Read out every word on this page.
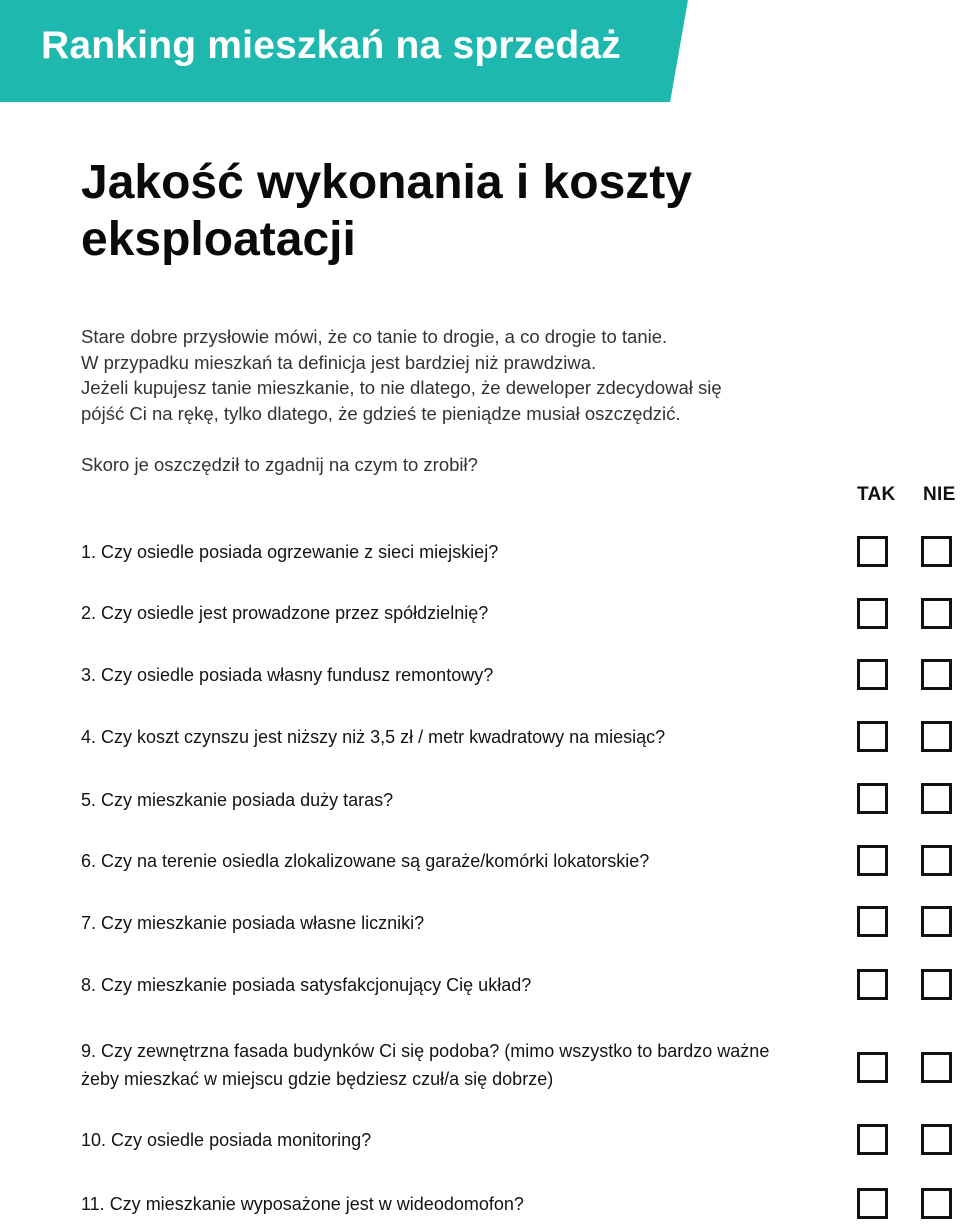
Ranking mieszkań na sprzedaż
Jakość wykonania i koszty eksploatacji
Stare dobre przysłowie mówi, że co tanie to drogie, a co drogie to tanie.
W przypadku mieszkań ta definicja jest bardziej niż prawdziwa.
Jeżeli kupujesz tanie mieszkanie, to nie dlatego, że deweloper zdecydował się
pójść Ci na rękę, tylko dlatego, że gdzieś te pieniądze musiał oszczędzić.
Skoro je oszczędził to zgadnij na czym to zrobił?
TAK NIE
1. Czy osiedle posiada ogrzewanie z sieci miejskiej?
2. Czy osiedle jest prowadzone przez spółdzielnię?
3. Czy osiedle posiada własny fundusz remontowy?
4. Czy koszt czynszu jest niższy niż 3,5 zł / metr kwadratowy na miesiąc?
5. Czy mieszkanie posiada duży taras?
6. Czy na terenie osiedla zlokalizowane są garaże/komórki lokatorskie?
7. Czy mieszkanie posiada własne liczniki?
8. Czy mieszkanie posiada satysfakcjonujący Cię układ?
9. Czy zewnętrzna fasada budynków Ci się podoba? (mimo wszystko to bardzo ważne żeby mieszkać w miejscu gdzie będziesz czuł/a się dobrze)
10. Czy osiedle posiada monitoring?
11. Czy mieszkanie wyposażone jest w wideodomofon?
